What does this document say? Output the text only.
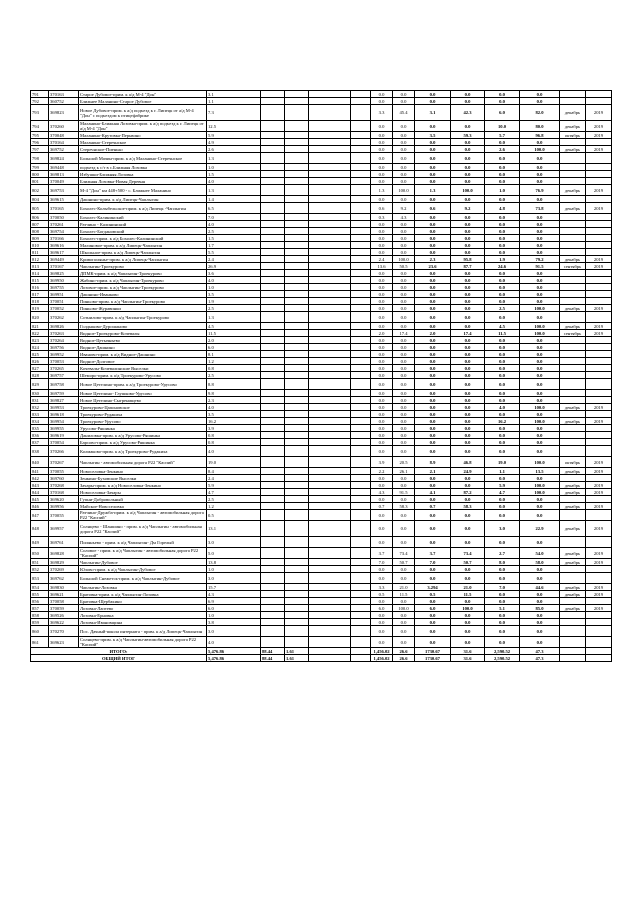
791	370163	Старое Дубовое-прим. к а/д М-4 "Дон"	3.1					0.0	0.0	0.0	0.0	0.0	0.0		
792	360752	Ближнее Маланино-Старое Дубовое	1.1					0.0	0.0	0.0	0.0	0.0	0.0		
793	369823	Новое Дубовое-прим. к а/д подъезд к г. Липецк от а/д М-4 "Дон" с подъездом к птицефабрике	7.3					3.3	45.4	3.1	42.3	6.0	82.0	декабрь	2019
794	370260	Маланино-Ближняя Лозовка-прим. к а/д подъезд к г. Липецк от а/д М-4 "Дон"	12.5					0.0	0.0	0.0	0.0	10.0	80.0	декабрь	2019
795	370048	Маланино-Крутовка-Перьвино	5.9					0.0	0.0	3.5	59.3	5.7	96.8	октябрь	2019
796	370164	Маланино-Стеречнское	4.9					0.0	0.0	0.0	0.0	0.0	0.0		
797	369752	Стеречнское-Пиенько	2.6					0.0	0.0	0.0	0.0	2.6	100.0	декабрь	2019
798	369824	Большой Мачин-прим. к а/д Маланино-Стеречнское	1.3					0.0	0.0	0.0	0.0	0.0	0.0		
799	369448	подъезд к с/т в с.Ближняя Лозовка	1.0					0.0	0.0	0.0	0.0	0.0	0.0		
800	369813	Избушки-Ближняя Лозовка	1.5					0.0	0.0	0.0	0.0	0.0	0.0		
801	370049	Ближняя Лозовка-Новая Деревня	4.0					0.0	0.0	0.0	0.0	0.0	0.0		
802	369753	М-4 "Дон" км 448+500 - с. Ближнее Маланино	1.3					1.3	100.0	1.3	100.0	1.0	76.9	декабрь	2019
804	369615	Дашнино-прим. к а/д Липецк-Чаплыгин	1.4					0.0	0.0	0.0	0.0	0.0	0.0		
805	370165	Бохолес-Колыбельское-прим. к а/д Липецк -Чаплыгин	6.5					0.6	9.2	0.6	9.2	4.8	73.8	декабрь	2019
806	370050	Бохолес-Калининский	7.0					0.3	4.3	0.0	0.0	0.0	0.0		
807	370261	Ратчино - Калининский	4.0					0.0	0.0	0.0	0.0	0.0	0.0		
808	369754	Бохолес-Богдановский	2.5					0.0	0.0	0.0	0.0	0.0	0.0		
809	370166	Бохолес-прим. к а/д Бохолес-Калининский	1.5					0.0	0.0	0.0	0.0	0.0	0.0		
810	369616	Малиновое-прим. к а/д Липецк-Чаплыгин	1.7					0.0	0.0	0.0	0.0	0.0	0.0		
811	369617	Школьное-прим. к а/д Липецк-Чаплыгин	5.5					0.0	0.0	0.0	0.0	0.0	0.0		
812	369449	Кривополянье-прим. к а/д Липецк-Чаплыгин	2.4					2.4	100.0	2.3	95.8	1.9	79.2	декабрь	2019
813	370167	Чаплыгин-Троекурово	26.9					13.6	50.5	23.6	87.7	24.6	91.5	сентябрь	2019
814	369825	ДПМК-прим. к а/д Чаплыгин-Троекурово	3.6					0.0	0.0	0.0	0.0	0.0	0.0		
815	369950	Жабино-прим. к а/д Чаплыгин-Троекурово	4.0					0.0	0.0	0.0	0.0	0.0	0.0		
816	369755	Лозовое-прим. к а/д Чаплыгин-Троекурово	1.0					0.0	0.0	0.0	0.0	0.0	0.0		
817	369951	Дашнино-Иванково	3.5					0.0	0.0	0.0	0.0	0.0	0.0		
818	370051	Пиньово-прим. к а/д Чаплыгин-Троекурово	1.9					0.0	0.0	0.0	0.0	0.0	0.0		
819	370052	Пиньово-Журавинки	2.5					0.0	0.0	0.0	0.0	2.5	100.0	декабрь	2019
820	370262	Сотнилово-прим. к а/д Чаплыгин-Троекурово	1.3					0.0	0.0	0.0	0.0	0.0	0.0		
821	369826	Голдыково-Дурошаново	4.5					0.0	0.0	0.0	0.0	4.5	100.0	декабрь	2019
822	370263	Видное-Троекурово-Кочевалы	11.5					2.0	17.4	2.0	17.4	11.5	100.0	сентябрь	2019
823	370264	Видное-Цетычньево	2.0					0.0	0.0	0.0	0.0	0.0	0.0		
824	369756	Видное-Дашнино	6.0					0.0	0.0	0.0	0.0	0.0	0.0		
825	369952	Иваново-прим. к а/д Видное-Дашнино	8.1					0.0	0.0	0.0	0.0	0.0	0.0		
826	370053	Видное-Долговое	1.2					0.0	0.0	0.0	0.0	0.0	0.0		
827	370265	Кочевалы-Кочевалинские Выселки	0.8					0.0	0.0	0.0	0.0	0.0	0.0		
828	369757	Шеморо-прим. к а/д Троекурово-Урусово	2.5					0.0	0.0	0.0	0.0	0.0	0.0		
829	369758	Новое Цетелино-прим. к а/д Троекурово-Урусово	8.8					0.0	0.0	0.0	0.0	0.0	0.0		
830	369759	Новое Цетелино- Глушково-Урусово	9.8					0.0	0.0	0.0	0.0	0.0	0.0		
831	369827	Новое Цетелино-Сыгренищево	2.3					0.0	0.0	0.0	0.0	0.0	0.0		
832	369953	Троекурово-Цапоновское	4.0					0.0	0.0	0.0	0.0	4.0	100.0	декабрь	2019
833	369618	Троекурово-Рудакиха	3.5					0.0	0.0	0.0	0.0	0.0	0.0		
834	369954	Троекурово-Урусово	16.2					0.0	0.0	0.0	0.0	16.2	100.0	декабрь	2019
835	369955	Урусово-Ряшинка	3.9					0.0	0.0	0.0	0.0	0.0	0.0		
836	369619	Даниловка-прим. к а/д Урусово-Ряшинка	0.8					0.0	0.0	0.0	0.0	0.0	0.0		
837	370054	Барсово-прим. к а/д Урусово-Ряшинка	0.8					0.0	0.0	0.0	0.0	0.0	0.0		
838	370266	Колмаково-прим. к а/д Троекурово-Рудакиха	4.0					0.0	0.0	0.0	0.0	0.0	0.0		
840	370267	Чаплыгин - автомобильная дорога Р22 "Каспий"	19.0					3.9	20.5	8.9	46.8	19.0	100.0	октябрь	2019
841	370055	Новоселовка-Зенкино	8.4					2.2	26.1	2.1	24.9	1.1	13.5	декабрь	2019
842	369760	Зенкино-Буховские Выселки	2.4					0.0	0.0	0.0	0.0	0.0	0.0		
843	370268	Зачары-прим. к а/д Новоселовка-Зенкино	5.9					0.0	0.0	0.0	0.0	5.9	100.0	декабрь	2019
844	370168	Новоселовка-Зачары	4.7					4.3	91.5	4.1	87.2	4.7	100.0	декабрь	2019
845	369620	Гупни-Добровольный	2.5					0.0	0.0	0.0	0.0	0.0	0.0		
846	369956	Майское-Новоселовка	1.2					0.7	58.3	0.7	58.3	0.0	0.0	декабрь	2019
847	370055	Ратчино-Дружба-прим. к а/д Чаплыгин - автомобильная дорога Р22 "Каспий"	0.5					0.0	0.0	0.0	0.0	0.0	0.0		
848	369957	Солнцево - Шаншино - прим. к а/д Чаплыгин - автомобильная дорога Р22 "Каспий"	13.1					0.0	0.0	0.0	0.0	3.0	22.9	декабрь	2019
849	369761	Пиляньево - прим. к а/д Чаплыгин- Дм Горелый	3.0					0.0	0.0	0.0	0.0	0.0	0.0		
850	369828	Соловое - прим. к а/д Чаплыгин - автомобильная дорога Р22 "Каспий"	5.0					3.7	73.4	3.7	73.4	2.7	54.0	декабрь	2019
851	369829	Чаплыгин-Дубовое	13.8					7.0	50.7	7.0	50.7	8.0	58.0	декабрь	2019
852	370269	Юлово-прим. к а/д Чаплыгин-Дубовое	1.0					0.0	0.0	0.0	0.0	0.0	0.0		
853	369762	Большой Снежетск-прим. к а/д Чаплыгин-Дубовое	3.0					0.0	0.0	0.0	0.0	0.0	0.0		
854	369830	Чаплыгин-Лозовка	15.7					3.3	21.0	3.294	21.0	7.0	44.6	декабрь	2019
855	369621	Братовка-прим. к а/д Чаплыгин-Лозовка	4.3					0.5	11.5	0.5	11.5	0.0	0.0	декабрь	2019
856	370058	Братовка-Щербакино	6.9					0.0	0.0	0.0	0.0	0.0	0.0		
857	370059	Лозовка-Лаптево	6.0					6.0	100.0	6.0	100.0	5.1	85.0	декабрь	2019
858	369526	Лозовка-Ерновка	1.0					0.0	0.0	0.0	0.0	0.0	0.0		
859	369622	Лозовка-Ивановщина	3.8					0.0	0.0	0.0	0.0	0.0	0.0		
860	370270	Пос. Дачный-школа интерната - прим. к а/д Липецк-Чаплыгин	3.0					0.0	0.0	0.0	0.0	0.0	0.0		
861	369623	Солнцево-прим. к а/д Чаплыгин-автомобильная дорога Р22 "Каспий"	4.0					0.0	0.0	0.0	0.0	0.0	0.0		
ИТОГО:			5,476.86	88.44	1.61			1,456.02	26.6	1730.67	31.6	2,590.52	47.3		
ОБЩИЙ ИТОГ			5,476.86	88.44	1.61			1,456.02	26.6	1730.67	31.6	2,590.52	47.3		
